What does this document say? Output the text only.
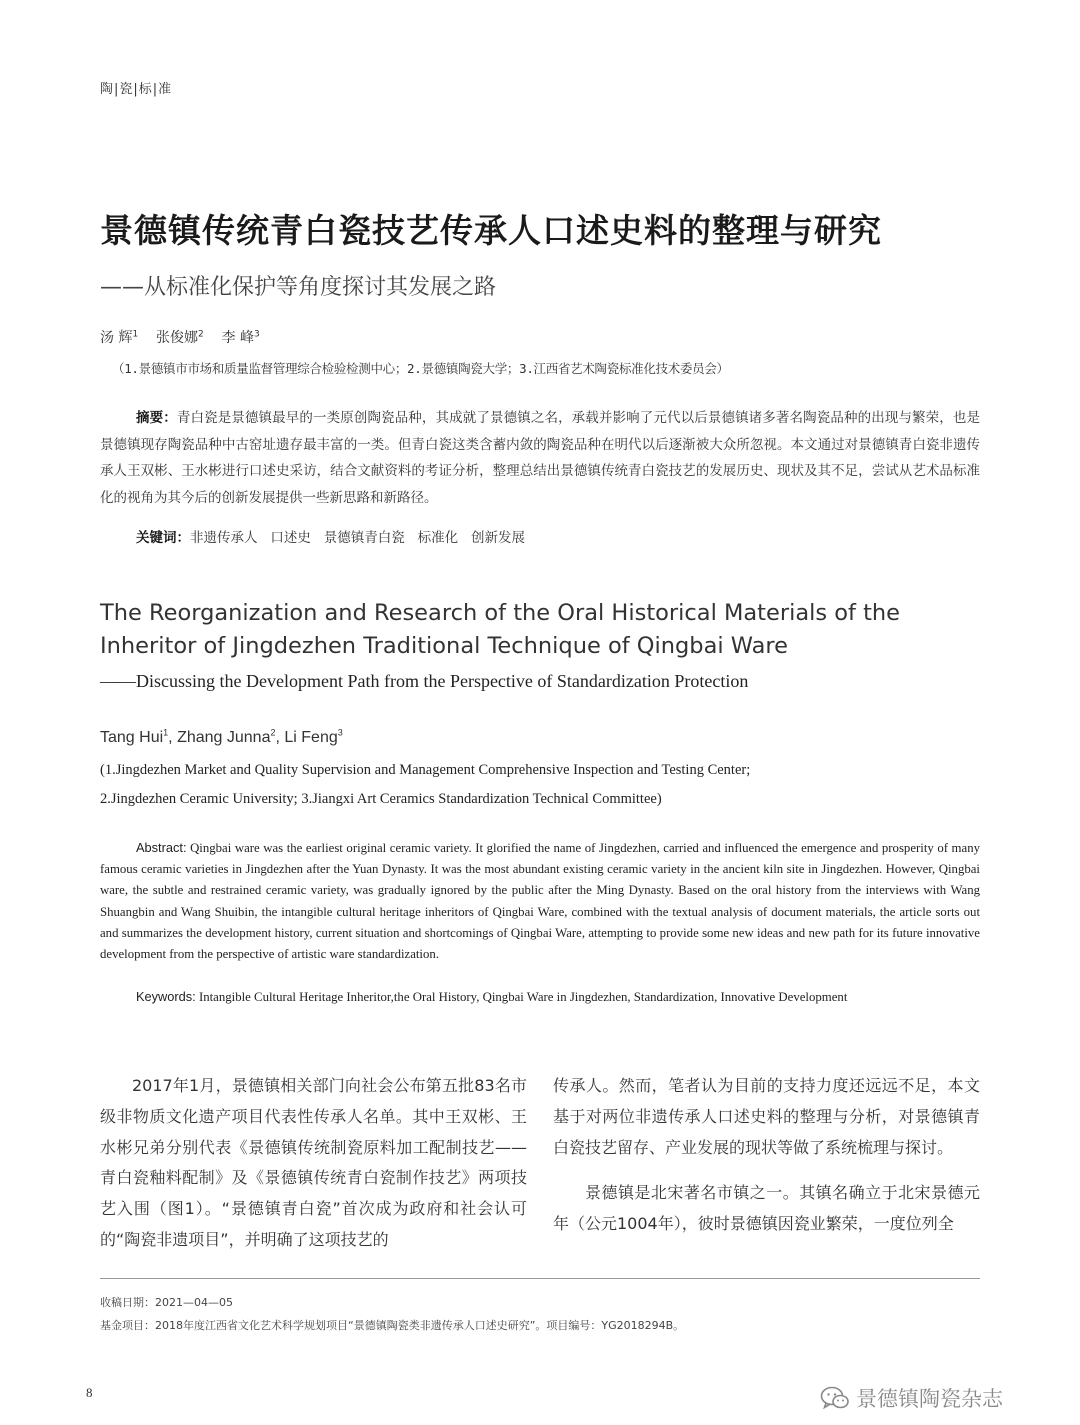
陶|瓷|标|准
景德镇传统青白瓷技艺传承人口述史料的整理与研究
——从标准化保护等角度探讨其发展之路
汤 辉$^1$ 张俊娜$^2$ 李 峰$^3$
（1.景德镇市市场和质量监督管理综合检验检测中心；2.景德镇陶瓷大学；3.江西省艺术陶瓷标准化技术委员会）
摘要：青白瓷是景德镇最早的一类原创陶瓷品种，其成就了景德镇之名，承载并影响了元代以后景德镇诸多著名陶瓷品种的出现与繁荣，也是景德镇现存陶瓷品种中古窑址遗存最丰富的一类。但青白瓷这类含蓄内敛的陶瓷品种在明代以后逐渐被大众所忽视。本文通过对景德镇青白瓷非遗传承人王双彬、王水彬进行口述史采访，结合文献资料的考证分析，整理总结出景德镇传统青白瓷技艺的发展历史、现状及其不足，尝试从艺术品标准化的视角为其今后的创新发展提供一些新思路和新路径。
关键词：非遗传承人   口述史   景德镇青白瓷   标准化   创新发展
The Reorganization and Research of the Oral Historical Materials of the Inheritor of Jingdezhen Traditional Technique of Qingbai Ware
——Discussing the Development Path from the Perspective of Standardization Protection
Tang Hui$^1$, Zhang Junna$^2$, Li Feng$^3$

(1.Jingdezhen Market and Quality Supervision and Management Comprehensive Inspection and Testing Center;

2.Jingdezhen Ceramic University; 3.Jiangxi Art Ceramics Standardization Technical Committee)

Abstract: Qingbai ware was the earliest original ceramic variety. It glorified the name of Jingdezhen, carried and influenced the emergence and prosperity of many famous ceramic varieties in Jingdezhen after the Yuan Dynasty. It was the most abundant existing ceramic variety in the ancient kiln site in Jingdezhen. However, Qingbai ware, the subtle and restrained ceramic variety, was gradually ignored by the public after the Ming Dynasty. Based on the oral history from the interviews with Wang Shuangbin and Wang Shuibin, the intangible cultural heritage inheritors of Qingbai Ware, combined with the textual analysis of document materials, the article sorts out and summarizes the development history, current situation and shortcomings of Qingbai Ware, attempting to provide some new ideas and new path for its future innovative development from the perspective of artistic ware standardization.
Keywords: Intangible Cultural Heritage Inheritor,the Oral History, Qingbai Ware in Jingdezhen, Standardization, Innovative Development

2017年1月，景德镇相关部门向社会公布第五批83名市级非物质文化遗产项目代表性传承人名单。其中王双彬、王水彬兄弟分别代表《景德镇传统制瓷原料加工配制技艺——青白瓷釉料配制》及《景德镇传统青白瓷制作技艺》两项技艺入围（图1）。“景德镇青白瓷”首次成为政府和社会认可的“陶瓷非遗项目”，并明确了这项技艺的

传承人。然而，笔者认为目前的支持力度还远远不足，本文基于对两位非遗传承人口述史料的整理与分析，对景德镇青白瓷技艺留存、产业发展的现状等做了系统梳理与探讨。

景德镇是北宋著名市镇之一。其镇名确立于北宋景德元年（公元1004年），彼时景德镇因瓷业繁荣，一度位列全

收稿日期：2021—04—05

基金项目：2018年度江西省文化艺术科学规划项目“景德镇陶瓷类非遗传承人口述史研究”。项目编号：YG2018294B。

8	景德镇陶瓷杂志
